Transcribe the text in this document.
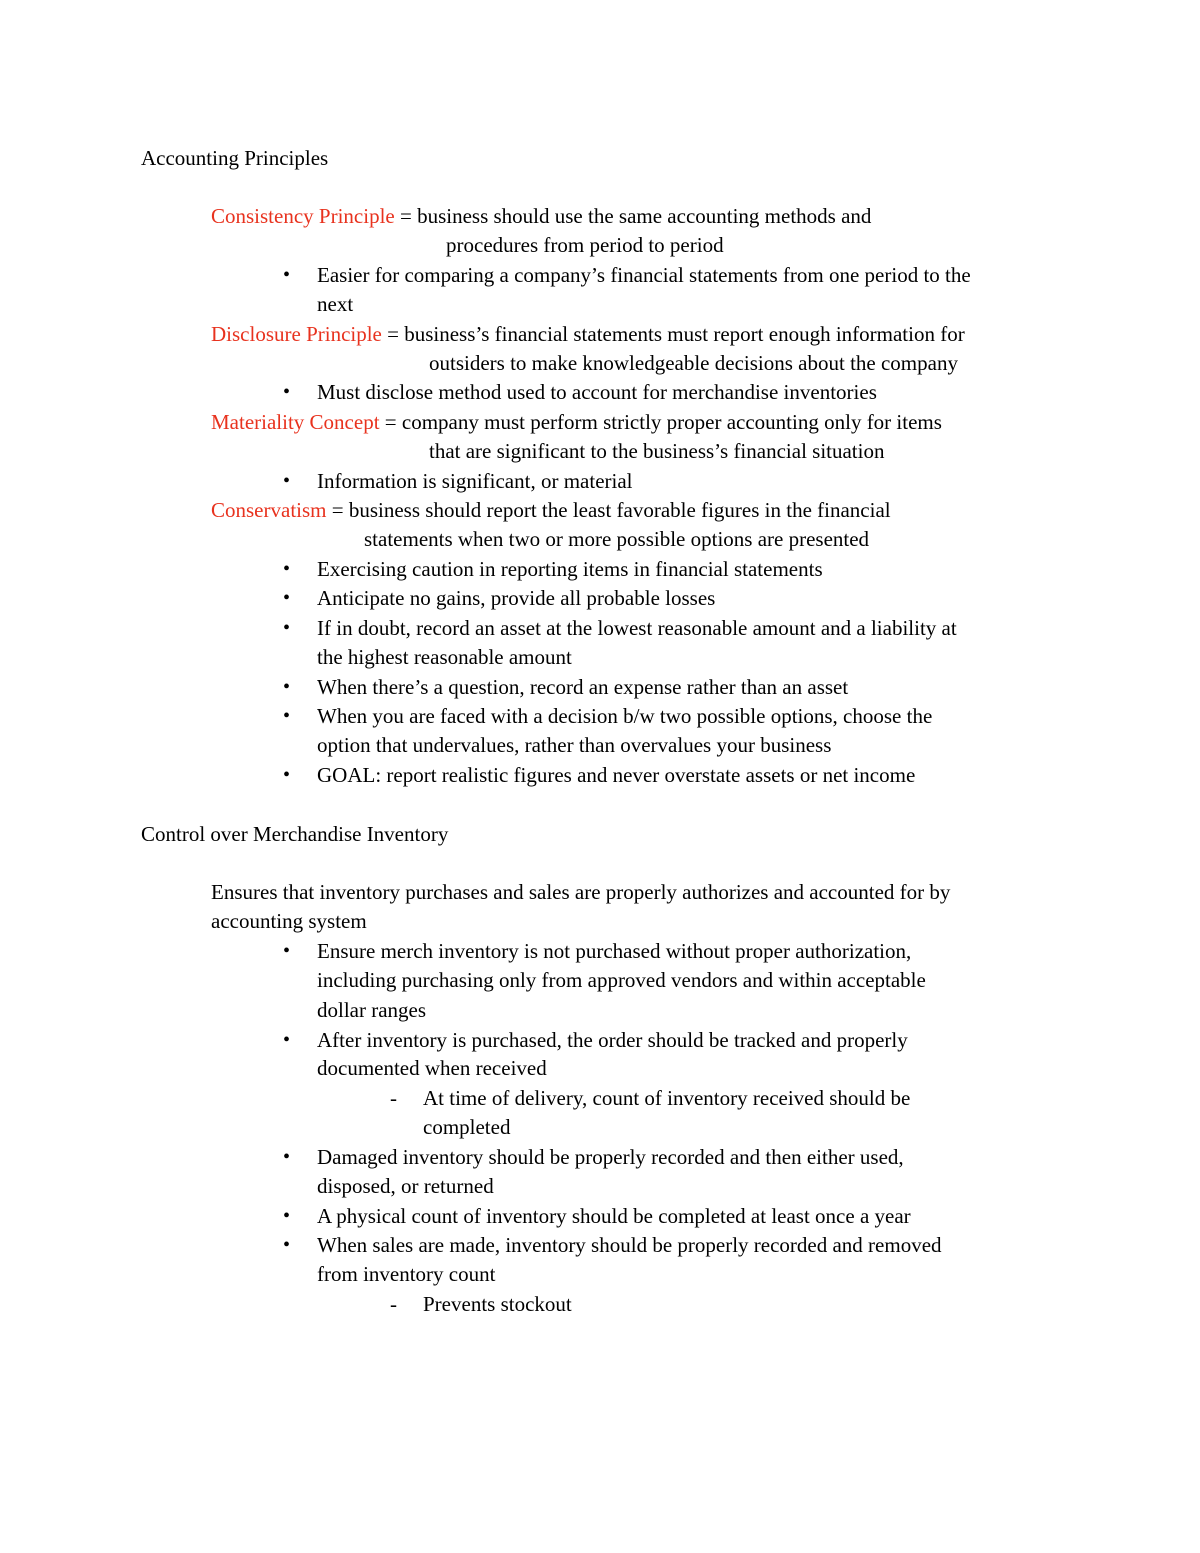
Accounting Principles
Consistency Principle = business should use the same accounting methods and
procedures from period to period
• Easier for comparing a company’s financial statements from one period to the
next
Disclosure Principle = business’s financial statements must report enough information for
outsiders to make knowledgeable decisions about the company
• Must disclose method used to account for merchandise inventories
Materiality Concept = company must perform strictly proper accounting only for items
that are significant to the business’s financial situation
• Information is significant, or material
Conservatism = business should report the least favorable figures in the financial
statements when two or more possible options are presented
• Exercising caution in reporting items in financial statements
• Anticipate no gains, provide all probable losses
• If in doubt, record an asset at the lowest reasonable amount and a liability at
the highest reasonable amount
• When there’s a question, record an expense rather than an asset
• When you are faced with a decision b/w two possible options, choose the
option that undervalues, rather than overvalues your business
• GOAL: report realistic figures and never overstate assets or net income
Control over Merchandise Inventory
Ensures that inventory purchases and sales are properly authorizes and accounted for by
accounting system
• Ensure merch inventory is not purchased without proper authorization,
including purchasing only from approved vendors and within acceptable
dollar ranges
• After inventory is purchased, the order should be tracked and properly
documented when received
- At time of delivery, count of inventory received should be
completed
• Damaged inventory should be properly recorded and then either used,
disposed, or returned
• A physical count of inventory should be completed at least once a year
• When sales are made, inventory should be properly recorded and removed
from inventory count
- Prevents stockout
